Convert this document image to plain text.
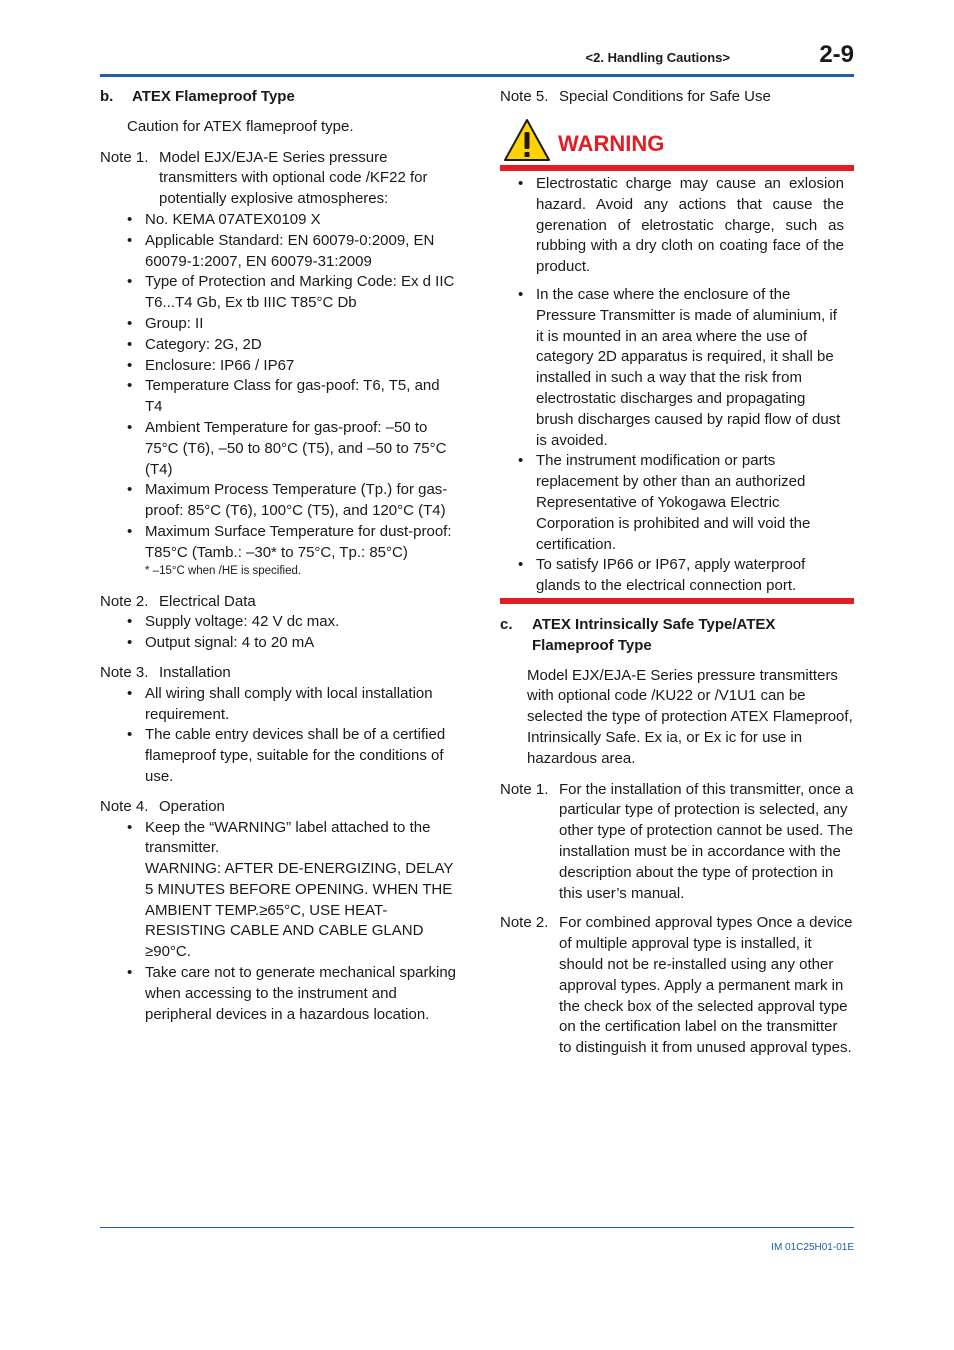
<2. Handling Cautions>	2-9
b. ATEX Flameproof Type
Caution for ATEX flameproof type.
Note 1. Model EJX/EJA-E Series pressure transmitters with optional code /KF22 for potentially explosive atmospheres:
• No. KEMA 07ATEX0109 X
• Applicable Standard: EN 60079-0:2009, EN 60079-1:2007, EN 60079-31:2009
• Type of Protection and Marking Code: Ex d IIC T6...T4 Gb, Ex tb IIIC T85°C Db
• Group: II
• Category: 2G, 2D
• Enclosure: IP66 / IP67
• Temperature Class for gas-poof: T6, T5, and T4
• Ambient Temperature for gas-proof: –50 to 75°C (T6), –50 to 80°C (T5), and –50 to 75°C (T4)
• Maximum Process Temperature (Tp.) for gas-proof: 85°C (T6), 100°C (T5), and 120°C (T4)
• Maximum Surface Temperature for dust-proof: T85°C (Tamb.: –30* to 75°C, Tp.: 85°C)
* –15°C when /HE is specified.
Note 2. Electrical Data
• Supply voltage: 42 V dc max.
• Output signal: 4 to 20 mA
Note 3. Installation
• All wiring shall comply with local installation requirement.
• The cable entry devices shall be of a certified flameproof type, suitable for the conditions of use.
Note 4. Operation
• Keep the “WARNING” label attached to the transmitter.
WARNING: AFTER DE-ENERGIZING, DELAY 5 MINUTES BEFORE OPENING. WHEN THE AMBIENT TEMP.≥65°C, USE HEAT-RESISTING CABLE AND CABLE GLAND ≥90°C.
• Take care not to generate mechanical sparking when accessing to the instrument and peripheral devices in a hazardous location.
Note 5. Special Conditions for Safe Use
WARNING
• Electrostatic charge may cause an exlosion hazard. Avoid any actions that cause the gerenation of eletrostatic charge, such as rubbing with a dry cloth on coating face of the product.
• In the case where the enclosure of the Pressure Transmitter is made of aluminium, if it is mounted in an area where the use of category 2D apparatus is required, it shall be installed in such a way that the risk from electrostatic discharges and propagating brush discharges caused by rapid flow of dust is avoided.
• The instrument modification or parts replacement by other than an authorized Representative of Yokogawa Electric Corporation is prohibited and will void the certification.
• To satisfy IP66 or IP67, apply waterproof glands to the electrical connection port.
c. ATEX Intrinsically Safe Type/ATEX Flameproof Type
Model EJX/EJA-E Series pressure transmitters with optional code /KU22 or /V1U1 can be selected the type of protection ATEX Flameproof, Intrinsically Safe. Ex ia, or Ex ic for use in hazardous area.
Note 1. For the installation of this transmitter, once a particular type of protection is selected, any other type of protection cannot be used. The installation must be in accordance with the description about the type of protection in this user’s manual.
Note 2. For combined approval types Once a device of multiple approval type is installed, it should not be re-installed using any other approval types. Apply a permanent mark in the check box of the selected approval type on the certification label on the transmitter to distinguish it from unused approval types.
IM 01C25H01-01E
